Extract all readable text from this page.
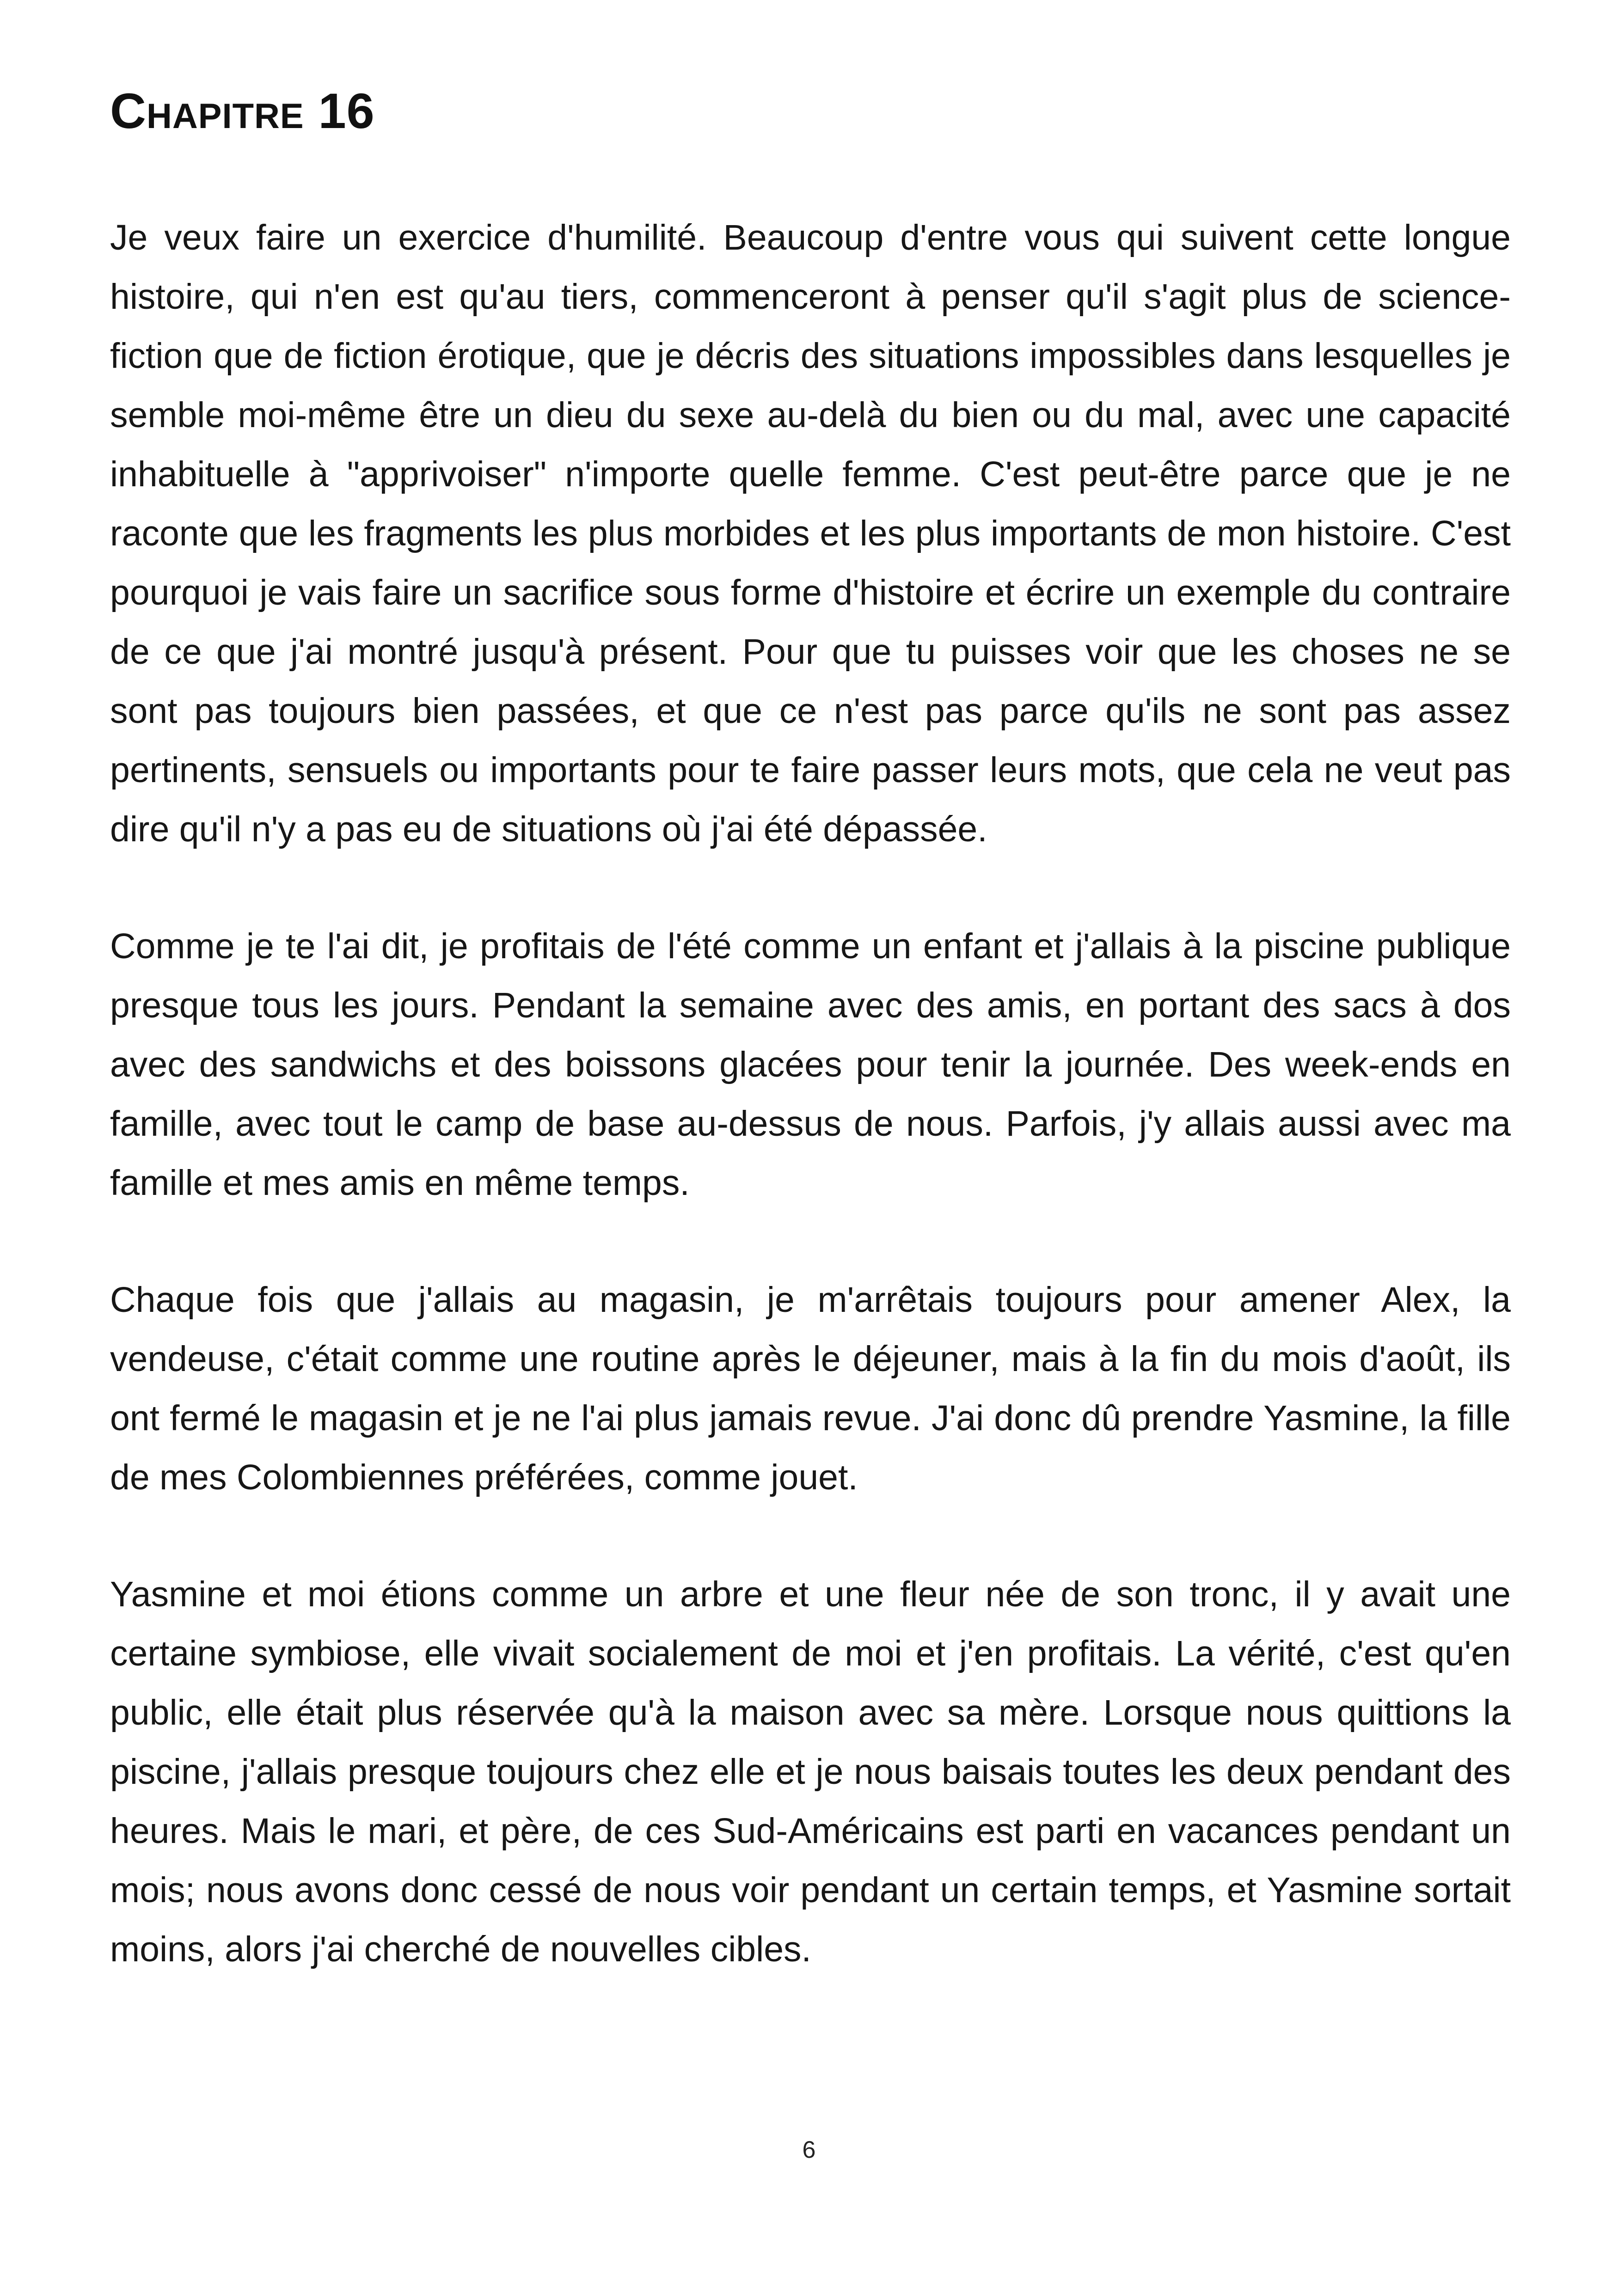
Chapitre 16

Je veux faire un exercice d'humilité. Beaucoup d'entre vous qui suivent cette longue histoire, qui n'en est qu'au tiers, commenceront à penser qu'il s'agit plus de science-fiction que de fiction érotique, que je décris des situations impossibles dans lesquelles je semble moi-même être un dieu du sexe au-delà du bien ou du mal, avec une capacité inhabituelle à "apprivoiser" n'importe quelle femme. C'est peut-être parce que je ne raconte que les fragments les plus morbides et les plus importants de mon histoire. C'est pourquoi je vais faire un sacrifice sous forme d'histoire et écrire un exemple du contraire de ce que j'ai montré jusqu'à présent. Pour que tu puisses voir que les choses ne se sont pas toujours bien passées, et que ce n'est pas parce qu'ils ne sont pas assez pertinents, sensuels ou importants pour te faire passer leurs mots, que cela ne veut pas dire qu'il n'y a pas eu de situations où j'ai été dépassée.

Comme je te l'ai dit, je profitais de l'été comme un enfant et j'allais à la piscine publique presque tous les jours. Pendant la semaine avec des amis, en portant des sacs à dos avec des sandwichs et des boissons glacées pour tenir la journée. Des week-ends en famille, avec tout le camp de base au-dessus de nous. Parfois, j'y allais aussi avec ma famille et mes amis en même temps.

Chaque fois que j'allais au magasin, je m'arrêtais toujours pour amener Alex, la vendeuse, c'était comme une routine après le déjeuner, mais à la fin du mois d'août, ils ont fermé le magasin et je ne l'ai plus jamais revue. J'ai donc dû prendre Yasmine, la fille de mes Colombiennes préférées, comme jouet.

Yasmine et moi étions comme un arbre et une fleur née de son tronc, il y avait une certaine symbiose, elle vivait socialement de moi et j'en profitais. La vérité, c'est qu'en public, elle était plus réservée qu'à la maison avec sa mère. Lorsque nous quittions la piscine, j'allais presque toujours chez elle et je nous baisais toutes les deux pendant des heures. Mais le mari, et père, de ces Sud-Américains est parti en vacances pendant un mois; nous avons donc cessé de nous voir pendant un certain temps, et Yasmine sortait moins, alors j'ai cherché de nouvelles cibles.

6
